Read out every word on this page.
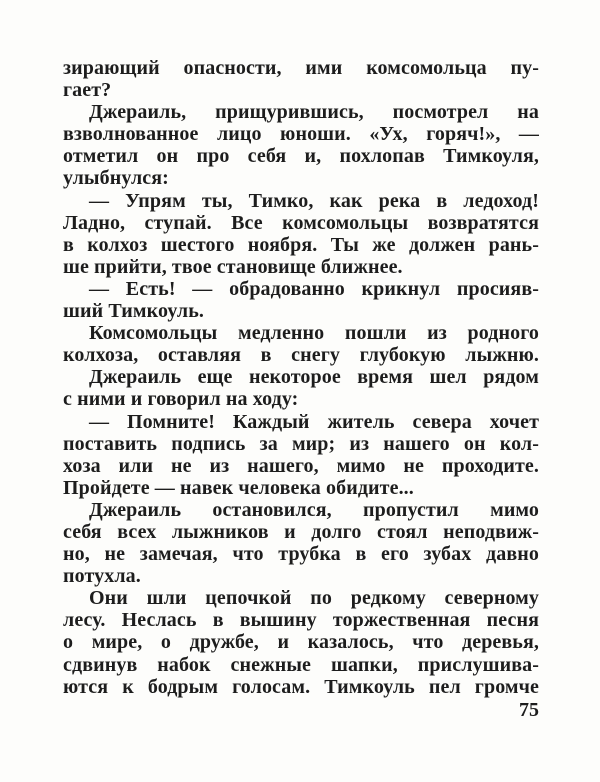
зирающий опасности, ими комсомольца пу-
гает?
Джераиль, прищурившись, посмотрел на
взволнованное лицо юноши. «Ух, горяч!», —
отметил он про себя и, похлопав Тимкоуля,
улыбнулся:
— Упрям ты, Тимко, как река в ледоход!
Ладно, ступай. Все комсомольцы возвратятся
в колхоз шестого ноября. Ты же должен рань-
ше прийти, твое становище ближнее.
— Есть! — обрадованно крикнул просияв-
ший Тимкоуль.
Комсомольцы медленно пошли из родного
колхоза, оставляя в снегу глубокую лыжню.
Джераиль еще некоторое время шел рядом
с ними и говорил на ходу:
— Помните! Каждый житель севера хочет
поставить подпись за мир; из нашего он кол-
хоза или не из нашего, мимо не проходите.
Пройдете — навек человека обидите...
Джераиль остановился, пропустил мимо
себя всех лыжников и долго стоял неподвиж-
но, не замечая, что трубка в его зубах давно
потухла.
Они шли цепочкой по редкому северному
лесу. Неслась в вышину торжественная песня
о мире, о дружбе, и казалось, что деревья,
сдвинув набок снежные шапки, прислушива-
ются к бодрым голосам. Тимкоуль пел громче
75
